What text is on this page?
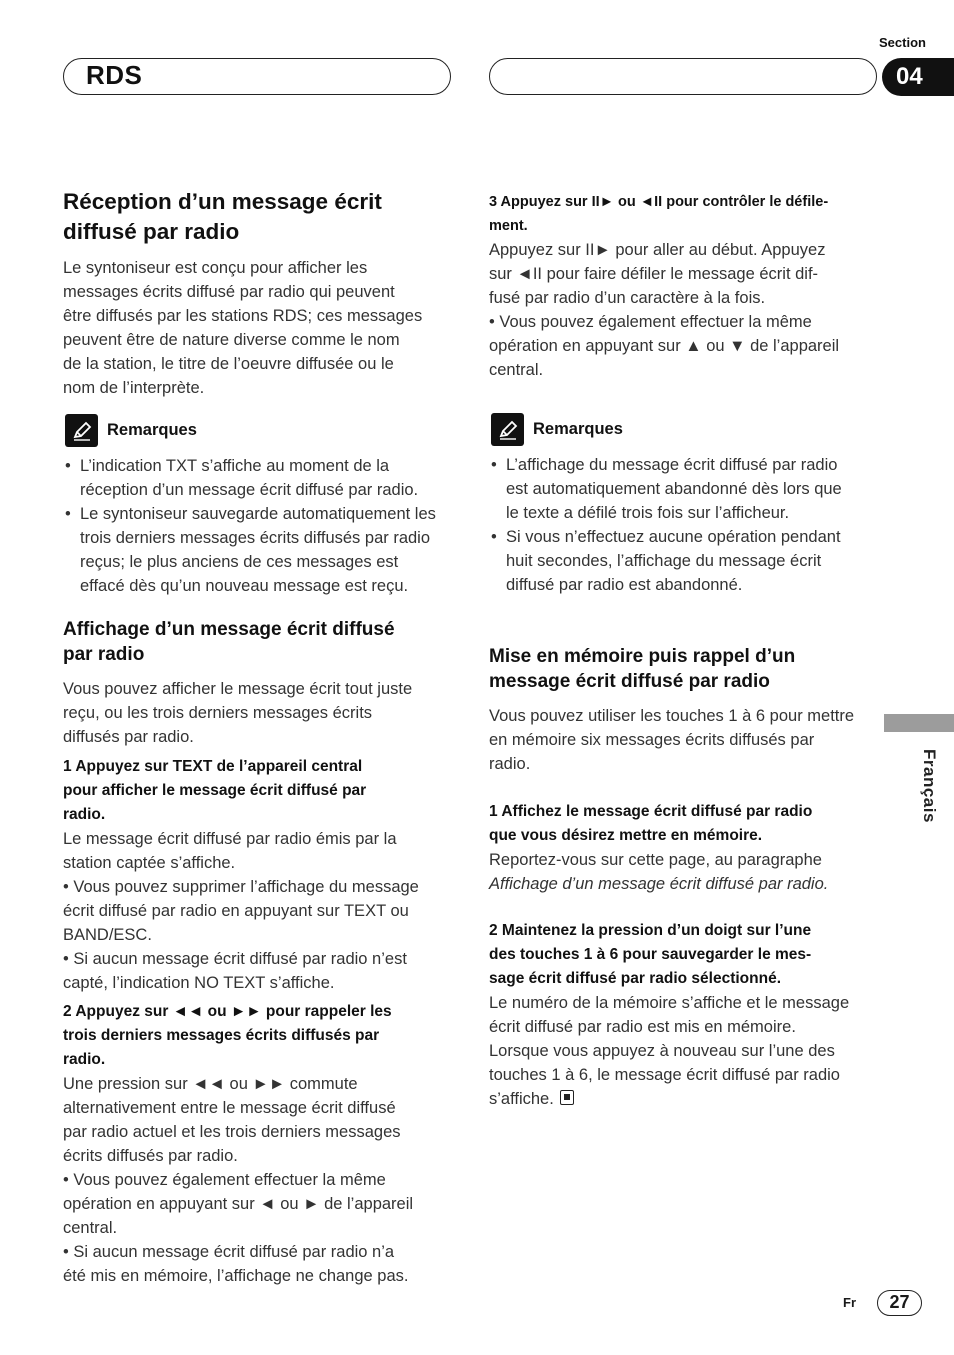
RDS
Section
04
Français
Fr	27
Réception d’un message écrit
diffusé par radio

Le syntoniseur est conçu pour afficher les

messages écrits diffusé par radio qui peuvent

être diffusés par les stations RDS; ces messages

peuvent être de nature diverse comme le nom

de la station, le titre de l’oeuvre diffusée ou le

nom de l’interprète.

Remarques
• L’indication TXT s’affiche au moment de la
réception d’un message écrit diffusé par radio.
• Le syntoniseur sauvegarde automatiquement les
trois derniers messages écrits diffusés par radio
reçus; le plus anciens de ces messages est
effacé dès qu’un nouveau message est reçu.
Affichage d’un message écrit diffusé
par radio

Vous pouvez afficher le message écrit tout juste

reçu, ou les trois derniers messages écrits

diffusés par radio.

1 Appuyez sur TEXT de l’appareil central

pour afficher le message écrit diffusé par

radio.

Le message écrit diffusé par radio émis par la

station captée s’affiche.

• Vous pouvez supprimer l’affichage du message

écrit diffusé par radio en appuyant sur TEXT ou

BAND/ESC.

• Si aucun message écrit diffusé par radio n’est

capté, l’indication NO TEXT s’affiche.

2 Appuyez sur ◄◄ ou ►► pour rappeler les

trois derniers messages écrits diffusés par

radio.

Une pression sur ◄◄ ou ►► commute

alternativement entre le message écrit diffusé

par radio actuel et les trois derniers messages

écrits diffusés par radio.

• Vous pouvez également effectuer la même

opération en appuyant sur ◄ ou ► de l’appareil

central.

• Si aucun message écrit diffusé par radio n’a

été mis en mémoire, l’affichage ne change pas.

3 Appuyez sur II► ou ◄II pour contrôler le défile-

ment.

Appuyez sur II► pour aller au début. Appuyez

sur ◄II pour faire défiler le message écrit dif-

fusé par radio d’un caractère à la fois.

• Vous pouvez également effectuer la même

opération en appuyant sur ▲ ou ▼ de l’appareil

central.

Remarques
• L’affichage du message écrit diffusé par radio
est automatiquement abandonné dès lors que
le texte a défilé trois fois sur l’afficheur.
• Si vous n’effectuez aucune opération pendant
huit secondes, l’affichage du message écrit
diffusé par radio est abandonné.
Mise en mémoire puis rappel d’un
message écrit diffusé par radio

Vous pouvez utiliser les touches 1 à 6 pour mettre

en mémoire six messages écrits diffusés par

radio.

1 Affichez le message écrit diffusé par radio

que vous désirez mettre en mémoire.

Reportez-vous sur cette page, au paragraphe

Affichage d’un message écrit diffusé par radio.

2 Maintenez la pression d’un doigt sur l’une

des touches 1 à 6 pour sauvegarder le mes-

sage écrit diffusé par radio sélectionné.

Le numéro de la mémoire s’affiche et le message

écrit diffusé par radio est mis en mémoire.

Lorsque vous appuyez à nouveau sur l’une des

touches 1 à 6, le message écrit diffusé par radio

s’affiche.
